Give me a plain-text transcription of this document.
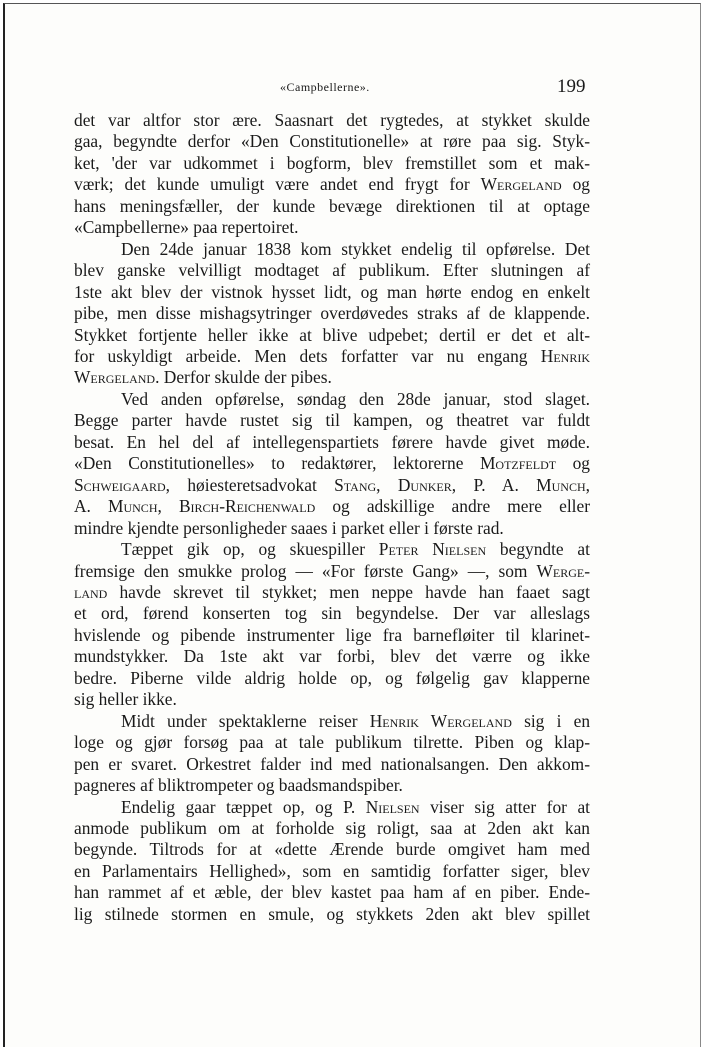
«Campbellerne».	199
det var altfor stor ære. Saasnart det rygtedes, at stykket skulde
gaa, begyndte derfor «Den Constitutionelle» at røre paa sig. Styk-
ket, 'der var udkommet i bogform, blev fremstillet som et mak-
værk; det kunde umuligt være andet end frygt for Wergeland og
hans meningsfæller, der kunde bevæge direktionen til at optage
«Campbellerne» paa repertoiret.
Den 24de januar 1838 kom stykket endelig til opførelse. Det
blev ganske velvilligt modtaget af publikum. Efter slutningen af
1ste akt blev der vistnok hysset lidt, og man hørte endog en enkelt
pibe, men disse mishagsytringer overdøvedes straks af de klappende.
Stykket fortjente heller ikke at blive udpebet; dertil er det et alt-
for uskyldigt arbeide. Men dets forfatter var nu engang Henrik
Wergeland. Derfor skulde der pibes.
Ved anden opførelse, søndag den 28de januar, stod slaget.
Begge parter havde rustet sig til kampen, og theatret var fuldt
besat. En hel del af intellegenspartiets førere havde givet møde.
«Den Constitutionelles» to redaktører, lektorerne Motzfeldt og
Schweigaard, høiesteretsadvokat Stang, Dunker, P. A. Munch,
A. Munch, Birch-Reichenwald og adskillige andre mere eller
mindre kjendte personligheder saaes i parket eller i første rad.
Tæppet gik op, og skuespiller Peter Nielsen begyndte at
fremsige den smukke prolog — «For første Gang» —, som Werge-
land havde skrevet til stykket; men neppe havde han faaet sagt
et ord, førend konserten tog sin begyndelse. Der var alleslags
hvislende og pibende instrumenter lige fra barnefløiter til klarinet-
mundstykker. Da 1ste akt var forbi, blev det værre og ikke
bedre. Piberne vilde aldrig holde op, og følgelig gav klapperne
sig heller ikke.
Midt under spektaklerne reiser Henrik Wergeland sig i en
loge og gjør forsøg paa at tale publikum tilrette. Piben og klap-
pen er svaret. Orkestret falder ind med nationalsangen. Den akkom-
pagneres af bliktrompeter og baadsmandspiber.
Endelig gaar tæppet op, og P. Nielsen viser sig atter for at
anmode publikum om at forholde sig roligt, saa at 2den akt kan
begynde. Tiltrods for at «dette Ærende burde omgivet ham med
en Parlamentairs Hellighed», som en samtidig forfatter siger, blev
han rammet af et æble, der blev kastet paa ham af en piber. Ende-
lig stilnede stormen en smule, og stykkets 2den akt blev spillet
